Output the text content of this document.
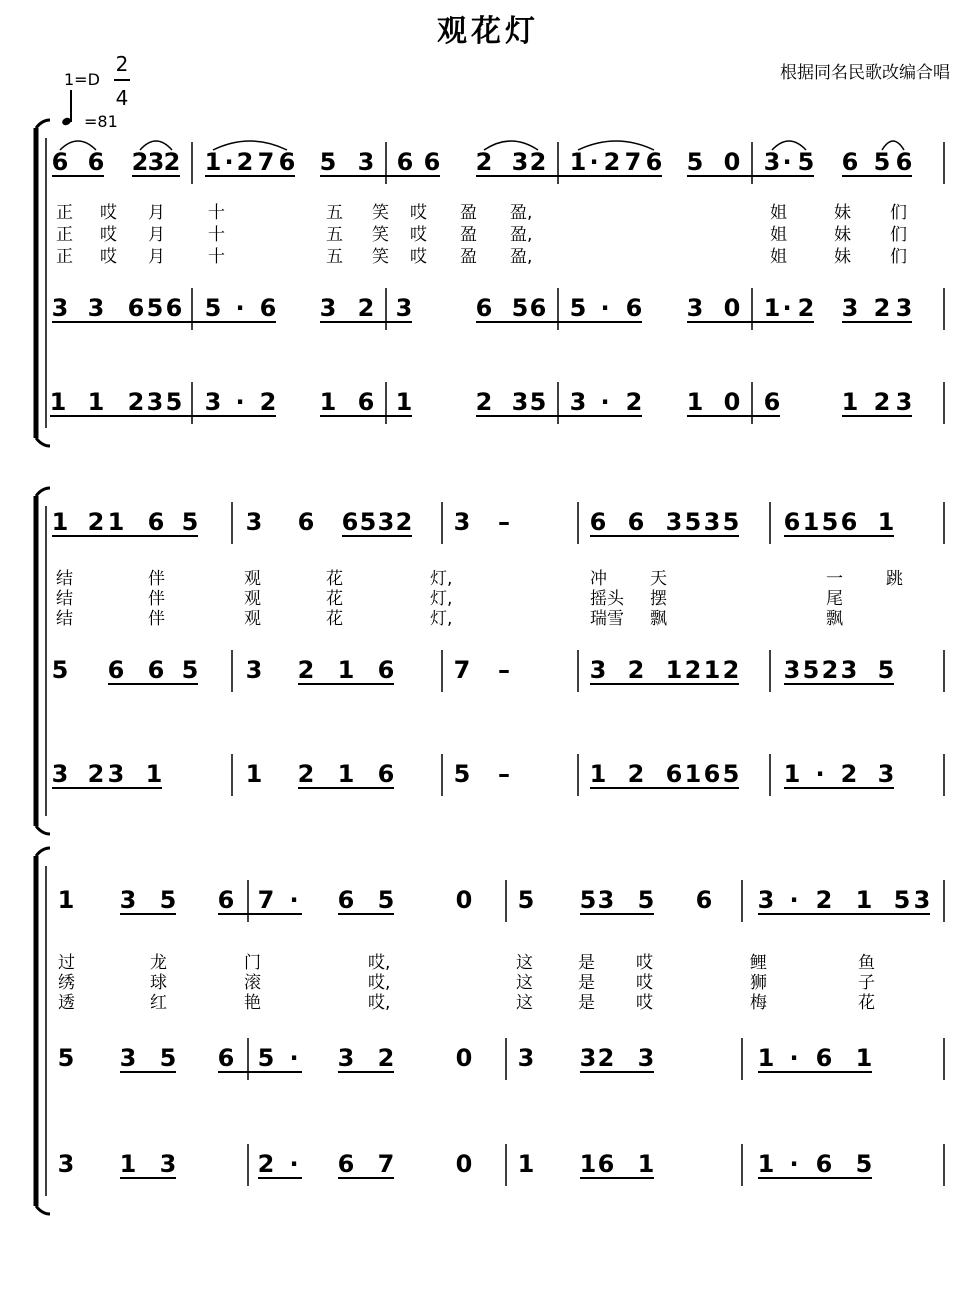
观花灯
根据同名民歌改编合唱
1=D
2
4
=81
6 6 2 3 2 1 · 2 7 6 5 3 6 6 2 3 2 1 · 2 7 6 5 0 3 · 5 6 5 6
3 3 6 5 6 5 · 6 3 2 3	6 5 6 5 · 6 3 0 1 · 2 3 2 3
1 1 2 3 5 3 · 2 1 6 1	2 3 5 3 · 2 1 0 6	1 2 3
正 哎 月	十	五 笑 哎 盈 盈,	姐	妹 们
正 哎 月	十	五 笑 哎 盈 盈,	姐	妹 们
正 哎 月	十	五 笑 哎 盈 盈,	姐	妹 们
1 2 1 6 5 3 6 6 5 3 2 3 –	6 6 3 5 3 5 6 1 5 6 1
5 6 6 5 3 2 1 6 7 –	3 2 1 2 1 2 3 5 2 3 5
3 2 3 1	1 2 1 6 5 –	1 2 6 1 6 5 1 · 2 3
结	伴	观	花	灯,	冲	天	一	跳
结	伴	观	花	灯,	摇头 摆	尾
结	伴	观	花	灯,	瑞雪 飘	飘
1 3 5 6 7 · 6 5	0 5 5 3 5 6 3 · 2 1 5 3
5 3 5 6 5 · 3 2	0 3 3 2 3	1 · 6 1
3 1 3	2 · 6 7	0 1 1 6 1	1 · 6 5
过	龙	门	哎,	这	是 哎	鲤	鱼
绣	球	滚	哎,	这	是 哎	狮	子
透	红	艳	哎,	这	是 哎	梅	花
